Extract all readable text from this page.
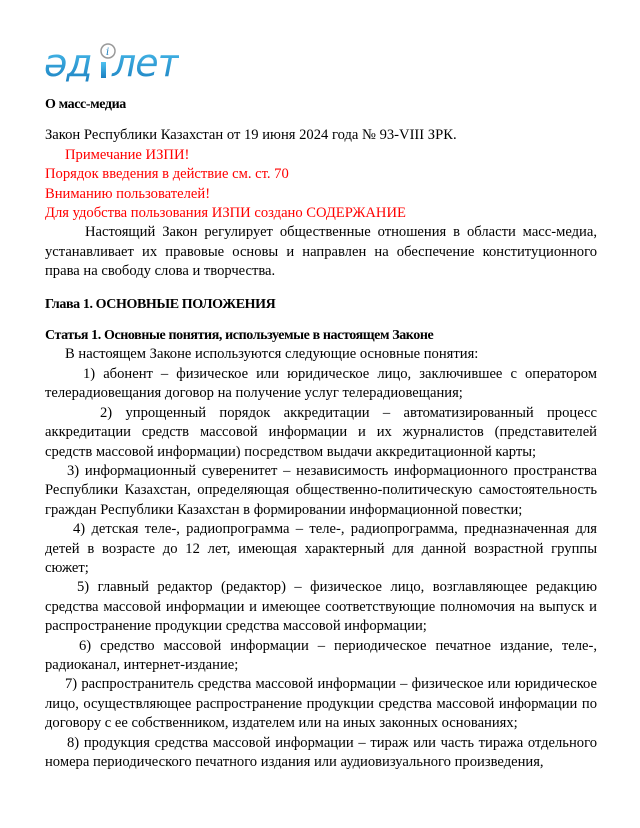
әд i лет
О масс-медиа
Закон Республики Казахстан от 19 июня 2024 года № 93-VIII ЗРК.
Примечание ИЗПИ!
Порядок введения в действие см. ст. 70
Вниманию пользователей!
Для удобства пользования ИЗПИ создано СОДЕРЖАНИЕ
Настоящий Закон регулирует общественные отношения в области масс-медиа, устанавливает их правовые основы и направлен на обеспечение конституционного права на свободу слова и творчества.
Глава 1. ОСНОВНЫЕ ПОЛОЖЕНИЯ
Статья 1. Основные понятия, используемые в настоящем Законе
В настоящем Законе используются следующие основные понятия:
1) абонент – физическое или юридическое лицо, заключившее с оператором телерадиовещания договор на получение услуг телерадиовещания;
2) упрощенный порядок аккредитации – автоматизированный процесс аккредитации средств массовой информации и их журналистов (представителей средств массовой информации) посредством выдачи аккредитационной карты;
3) информационный суверенитет – независимость информационного пространства Республики Казахстан, определяющая общественно-политическую самостоятельность граждан Республики Казахстан в формировании информационной повестки;
4) детская теле-, радиопрограмма – теле-, радиопрограмма, предназначенная для детей в возрасте до 12 лет, имеющая характерный для данной возрастной группы сюжет;
5) главный редактор (редактор) – физическое лицо, возглавляющее редакцию средства массовой информации и имеющее соответствующие полномочия на выпуск и распространение продукции средства массовой информации;
6) средство массовой информации – периодическое печатное издание, теле-, радиоканал, интернет-издание;
7) распространитель средства массовой информации – физическое или юридическое лицо, осуществляющее распространение продукции средства массовой информации по договору с ее собственником, издателем или на иных законных основаниях;
8) продукция средства массовой информации – тираж или часть тиража отдельного номера периодического печатного издания или аудиовизуального произведения,
